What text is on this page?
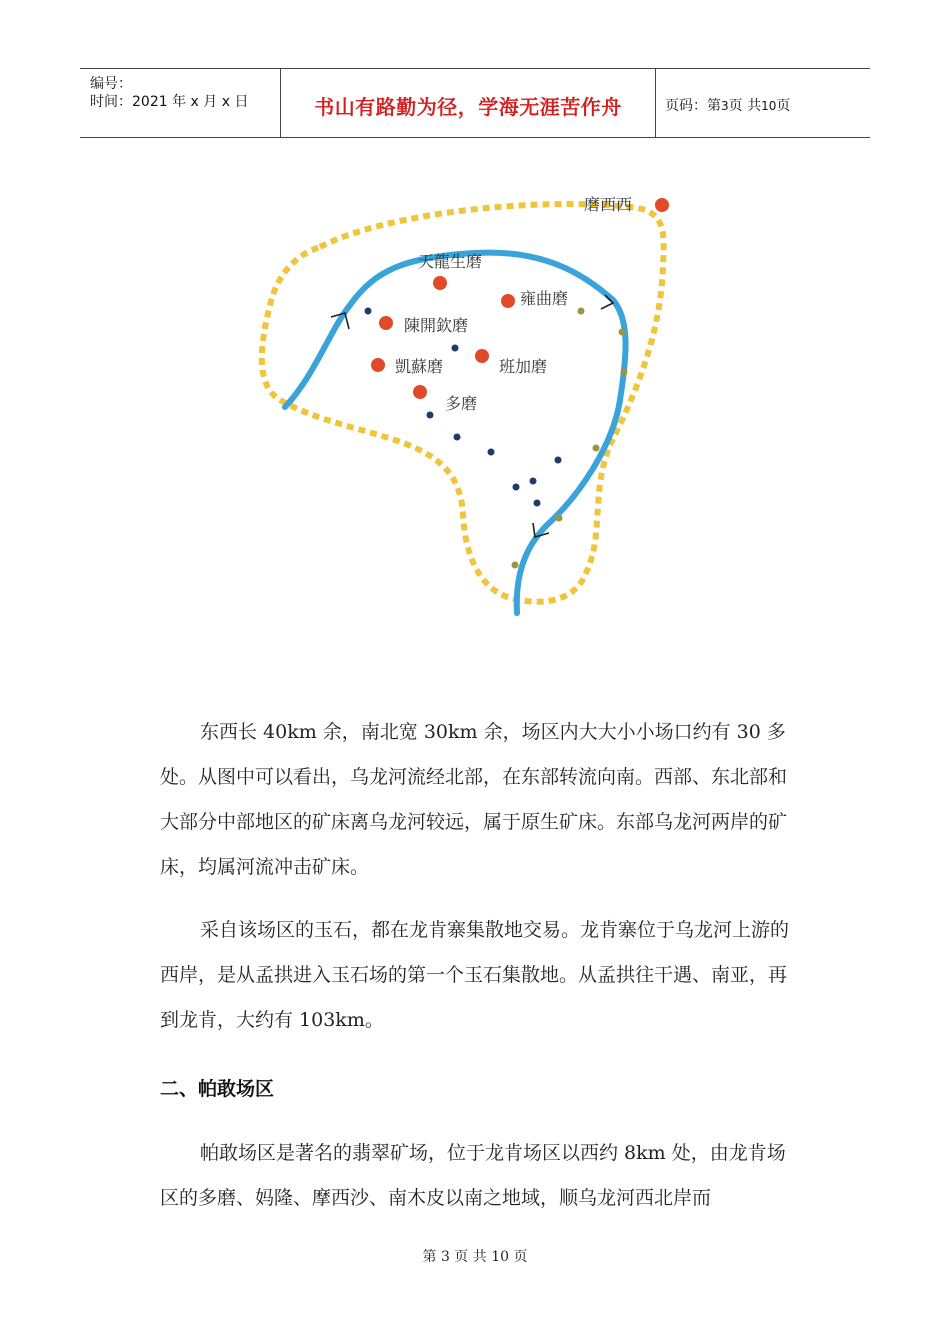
编号：
时间：2021 年 x 月 x 日	书山有路勤为径，学海无涯苦作舟	页码：第3页 共10页
磨西西
天龍生磨
雍曲磨
陳開欽磨
凱蘇磨	班加磨
多磨
东西长 40km 余，南北宽 30km 余，场区内大大小小场口约有 30 多处。从图中可以看出，乌龙河流经北部，在东部转流向南。西部、东北部和大部分中部地区的矿床离乌龙河较远，属于原生矿床。东部乌龙河两岸的矿床，均属河流冲击矿床。
采自该场区的玉石，都在龙肯寨集散地交易。龙肯寨位于乌龙河上游的西岸，是从孟拱进入玉石场的第一个玉石集散地。从孟拱往干遇、南亚，再到龙肯，大约有 103km。
二、帕敢场区
帕敢场区是著名的翡翠矿场，位于龙肯场区以西约 8km 处，由龙肯场区的多磨、妈隆、摩西沙、南木皮以南之地域，顺乌龙河西北岸而
第 3 页 共 10 页
